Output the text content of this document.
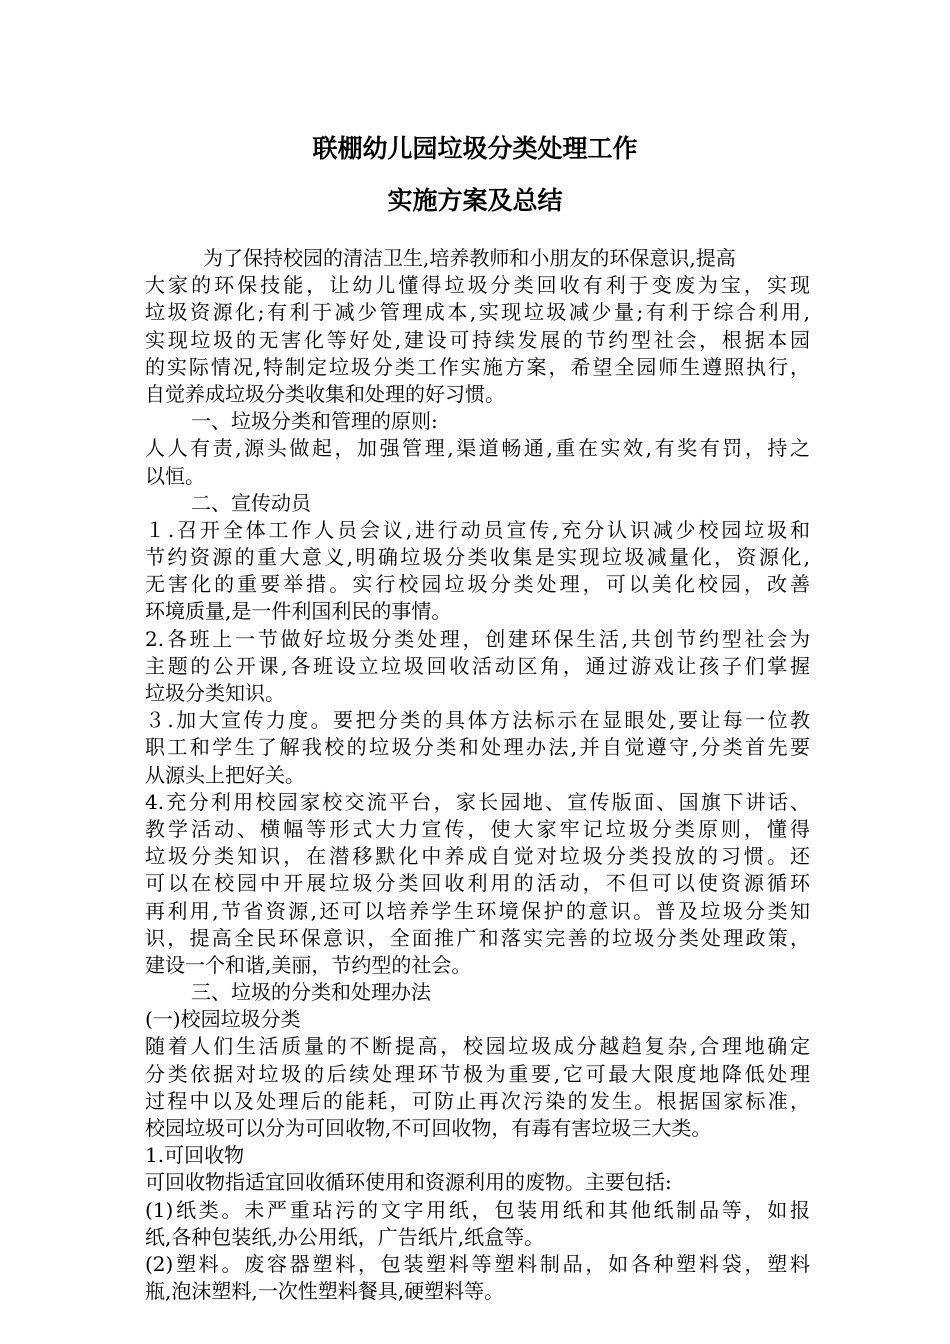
联棚幼儿园垃圾分类处理工作
实施方案及总结
为了保持校园的清洁卫生,培养教师和小朋友的环保意识,提高
大家的环保技能，让幼儿懂得垃圾分类回收有利于变废为宝，实现
垃圾资源化;有利于减少管理成本,实现垃圾减少量;有利于综合利用,
实现垃圾的无害化等好处,建设可持续发展的节约型社会，根据本园
的实际情况,特制定垃圾分类工作实施方案，希望全园师生遵照执行，
自觉养成垃圾分类收集和处理的好习惯。
一、垃圾分类和管理的原则:
人人有责,源头做起，加强管理,渠道畅通,重在实效,有奖有罚，持之
以恒。
二、宣传动员
１.召开全体工作人员会议,进行动员宣传,充分认识减少校园垃圾和
节约资源的重大意义,明确垃圾分类收集是实现垃圾减量化，资源化,
无害化的重要举措。实行校园垃圾分类处理，可以美化校园，改善
环境质量,是一件利国利民的事情。
2.各班上一节做好垃圾分类处理，创建环保生活,共创节约型社会为
主题的公开课,各班设立垃圾回收活动区角，通过游戏让孩子们掌握
垃圾分类知识。
３.加大宣传力度。要把分类的具体方法标示在显眼处,要让每一位教
职工和学生了解我校的垃圾分类和处理办法,并自觉遵守,分类首先要
从源头上把好关。
4.充分利用校园家校交流平台，家长园地、宣传版面、国旗下讲话、
教学活动、横幅等形式大力宣传，使大家牢记垃圾分类原则，懂得
垃圾分类知识，在潜移默化中养成自觉对垃圾分类投放的习惯。还
可以在校园中开展垃圾分类回收利用的活动，不但可以使资源循环
再利用,节省资源,还可以培养学生环境保护的意识。普及垃圾分类知
识，提高全民环保意识，全面推广和落实完善的垃圾分类处理政策，
建设一个和谐,美丽，节约型的社会。
三、垃圾的分类和处理办法
(一)校园垃圾分类
随着人们生活质量的不断提高，校园垃圾成分越趋复杂,合理地确定
分类依据对垃圾的后续处理环节极为重要,它可最大限度地降低处理
过程中以及处理后的能耗，可防止再次污染的发生。根据国家标准，
校园垃圾可以分为可回收物,不可回收物，有毒有害垃圾三大类。
1.可回收物
可回收物指适宜回收循环使用和资源利用的废物。主要包括:
(1)纸类。未严重玷污的文字用纸，包装用纸和其他纸制品等，如报
纸,各种包装纸,办公用纸，广告纸片,纸盒等。
(2)塑料。废容器塑料，包装塑料等塑料制品，如各种塑料袋，塑料
瓶,泡沫塑料,一次性塑料餐具,硬塑料等。
